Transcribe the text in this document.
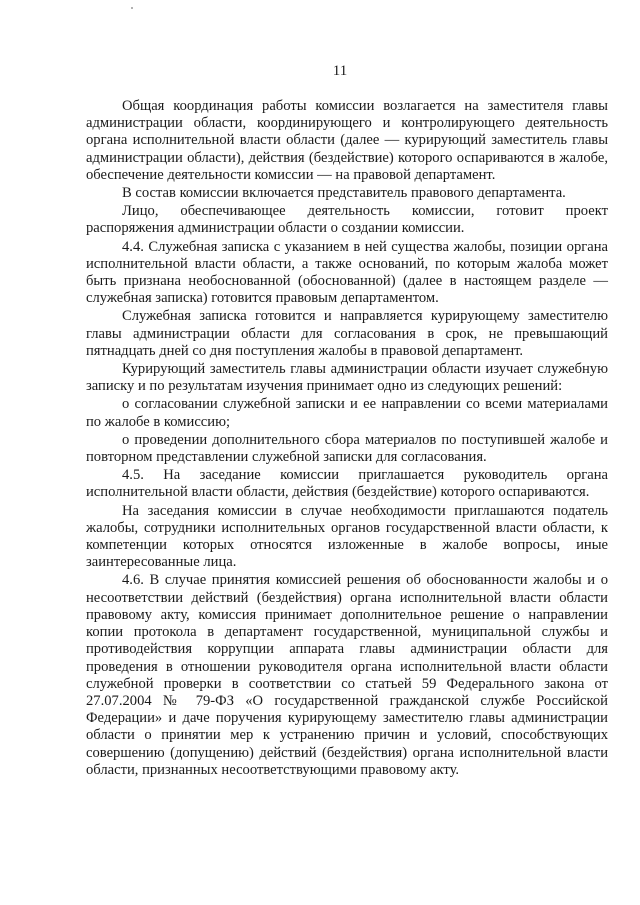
11

Общая координация работы комиссии возлагается на заместителя главы администрации области, координирующего и контролирующего деятельность органа исполнительной власти области (далее — курирующий заместитель главы администрации области), действия (бездействие) которого оспариваются в жалобе, обеспечение деятельности комиссии — на правовой департамент.

В состав комиссии включается представитель правового департамента.

Лицо, обеспечивающее деятельность комиссии, готовит проект распоряжения администрации области о создании комиссии.

4.4. Служебная записка с указанием в ней существа жалобы, позиции органа исполнительной власти области, а также оснований, по которым жалоба может быть признана необоснованной (обоснованной) (далее в настоящем разделе — служебная записка) готовится правовым департаментом.

Служебная записка готовится и направляется курирующему заместителю главы администрации области для согласования в срок, не превышающий пятнадцать дней со дня поступления жалобы в правовой департамент.

Курирующий заместитель главы администрации области изучает служебную записку и по результатам изучения принимает одно из следующих решений:

о согласовании служебной записки и ее направлении со всеми материалами по жалобе в комиссию;

о проведении дополнительного сбора материалов по поступившей жалобе и повторном представлении служебной записки для согласования.

4.5. На заседание комиссии приглашается руководитель органа исполнительной власти области, действия (бездействие) которого оспариваются.

На заседания комиссии в случае необходимости приглашаются податель жалобы, сотрудники исполнительных органов государственной власти области, к компетенции которых относятся изложенные в жалобе вопросы, иные заинтересованные лица.

4.6. В случае принятия комиссией решения об обоснованности жалобы и о несоответствии действий (бездействия) органа исполнительной власти области правовому акту, комиссия принимает дополнительное решение о направлении копии протокола в департамент государственной, муниципальной службы и противодействия коррупции аппарата главы администрации области для проведения в отношении руководителя органа исполнительной власти области служебной проверки в соответствии со статьей 59 Федерального закона от 27.07.2004 № 79-ФЗ «О государственной гражданской службе Российской Федерации» и даче поручения курирующему заместителю главы администрации области о принятии мер к устранению причин и условий, способствующих совершению (допущению) действий (бездействия) органа исполнительной власти области, признанных несоответствующими правовому акту.
